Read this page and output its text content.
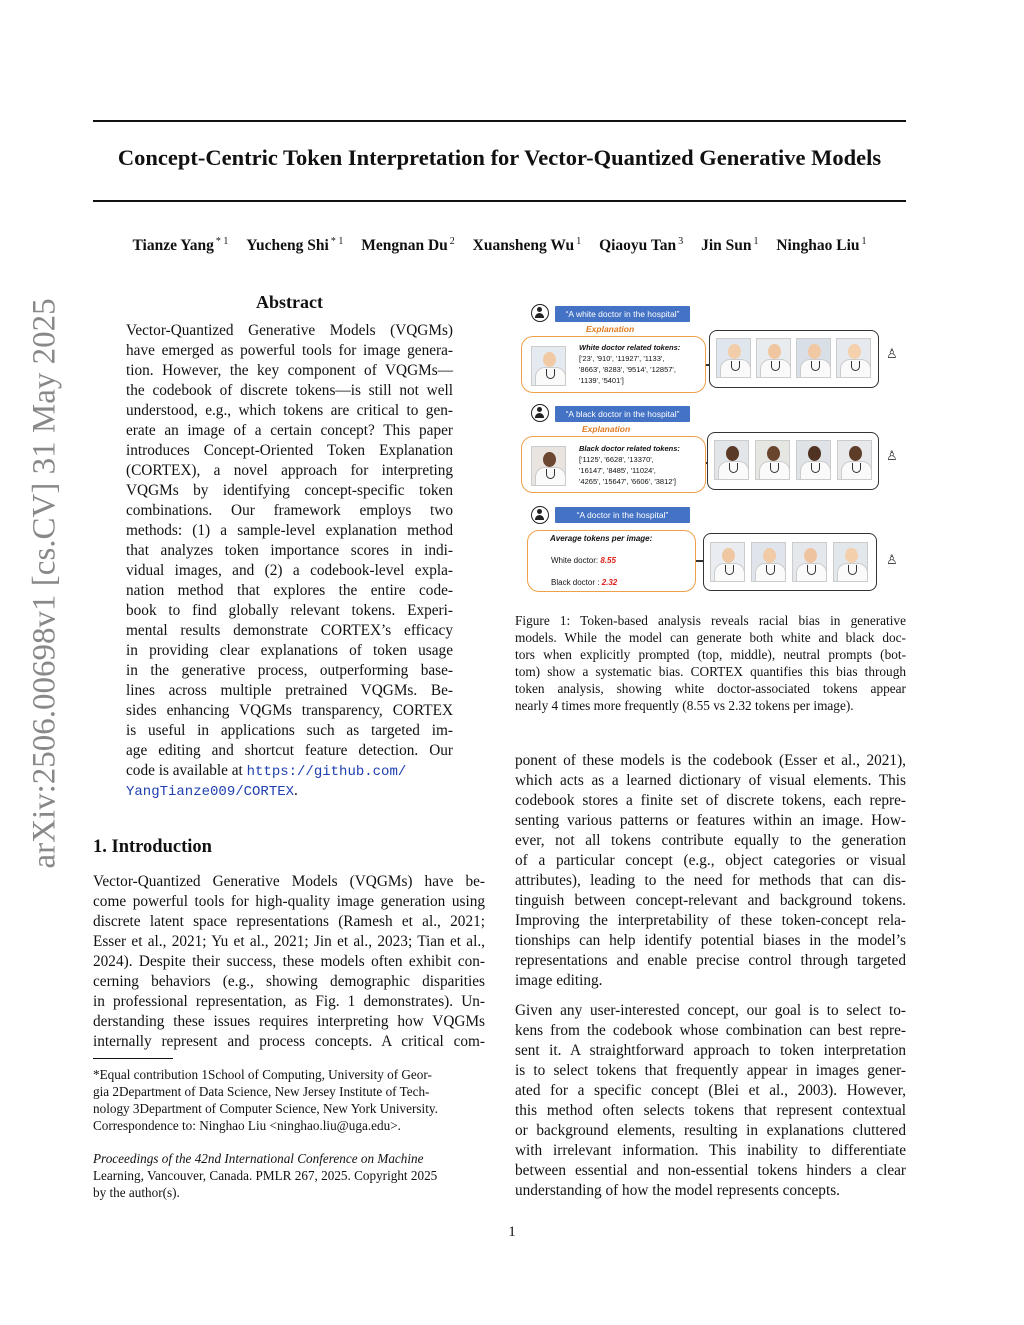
Concept-Centric Token Interpretation for Vector-Quantized Generative Models
Tianze Yang $^{* 1}$ Yucheng Shi $^{* 1}$ Mengnan Du $^2$ Xuansheng Wu $^1$ Qiaoyu Tan $^3$ Jin Sun $^1$ Ninghao Liu $^1$
arXiv:2506.00698v1 [cs.CV] 31 May 2025	Abstract
Vector-Quantized Generative Models (VQGMs)
have emerged as powerful tools for image genera-
tion. However, the key component of VQGMs—
the codebook of discrete tokens—is still not well
understood, e.g., which tokens are critical to gen-
erate an image of a certain concept? This paper
introduces Concept-Oriented Token Explanation
(CORTEX), a novel approach for interpreting
VQGMs by identifying concept-specific token
combinations. Our framework employs two
methods: (1) a sample-level explanation method
that analyzes token importance scores in indi-
vidual images, and (2) a codebook-level expla-
nation method that explores the entire code-
book to find globally relevant tokens. Experi-
mental results demonstrate CORTEX’s efficacy
in providing clear explanations of token usage
in the generative process, outperforming base-
lines across multiple pretrained VQGMs. Be-
sides enhancing VQGMs transparency, CORTEX
is useful in applications such as targeted im-
age editing and shortcut feature detection. Our
code is available at https://github.com/
YangTianze009/CORTEX.
1. Introduction
Vector-Quantized Generative Models (VQGMs) have be-
come powerful tools for high-quality image generation using
discrete latent space representations (Ramesh et al., 2021;
Esser et al., 2021; Yu et al., 2021; Jin et al., 2023; Tian et al.,
2024). Despite their success, these models often exhibit con-
cerning behaviors (e.g., showing demographic disparities
in professional representation, as Fig. 1 demonstrates). Un-
derstanding these issues requires interpreting how VQGMs
internally represent and process concepts. A critical com-
*Equal contribution 1School of Computing, University of Geor-
gia 2Department of Data Science, New Jersey Institute of Tech-
nology 3Department of Computer Science, New York University.
Correspondence to: Ninghao Liu <ninghao.liu@uga.edu>.
Proceedings of the 42nd International Conference on Machine
Learning, Vancouver, Canada. PMLR 267, 2025. Copyright 2025
by the author(s).
ponent of these models is the codebook (Esser et al., 2021),
which acts as a learned dictionary of visual elements. This
codebook stores a finite set of discrete tokens, each repre-
senting various patterns or features within an image. How-
ever, not all tokens contribute equally to the generation
of a particular concept (e.g., object categories or visual
attributes), leading to the need for methods that can dis-
tinguish between concept-relevant and background tokens.
Improving the interpretability of these token-concept rela-
tionships can help identify potential biases in the model’s
representations and enable precise control through targeted
image editing.
Given any user-interested concept, our goal is to select to-
kens from the codebook whose combination can best repre-
sent it. A straightforward approach to token interpretation
is to select tokens that frequently appear in images gener-
ated for a specific concept (Blei et al., 2003). However,
this method often selects tokens that represent contextual
or background elements, resulting in explanations cluttered
with irrelevant information. This inability to differentiate
between essential and non-essential tokens hinders a clear
understanding of how the model represents concepts.
“A white doctor in the hospital”
Explanation
White doctor related tokens:
['23', '910', '11927', '1133',
'8663', '8283', '9514', '12857',
'1139', '5401']
♙
“A black doctor in the hospital”
Explanation
Black doctor related tokens:
['1125', '6628', '13370',
'16147', '8485', '11024',
'4265', '15647', '6606', '3812']
♙
“A doctor in the hospital”
Average tokens per image:
White doctor: 8.55
Black doctor : 2.32
♙
Figure 1: Token-based analysis reveals racial bias in generative
models. While the model can generate both white and black doc-
tors when explicitly prompted (top, middle), neutral prompts (bot-
tom) show a systematic bias. CORTEX quantifies this bias through
token analysis, showing white doctor-associated tokens appear
nearly 4 times more frequently (8.55 vs 2.32 tokens per image).
1
